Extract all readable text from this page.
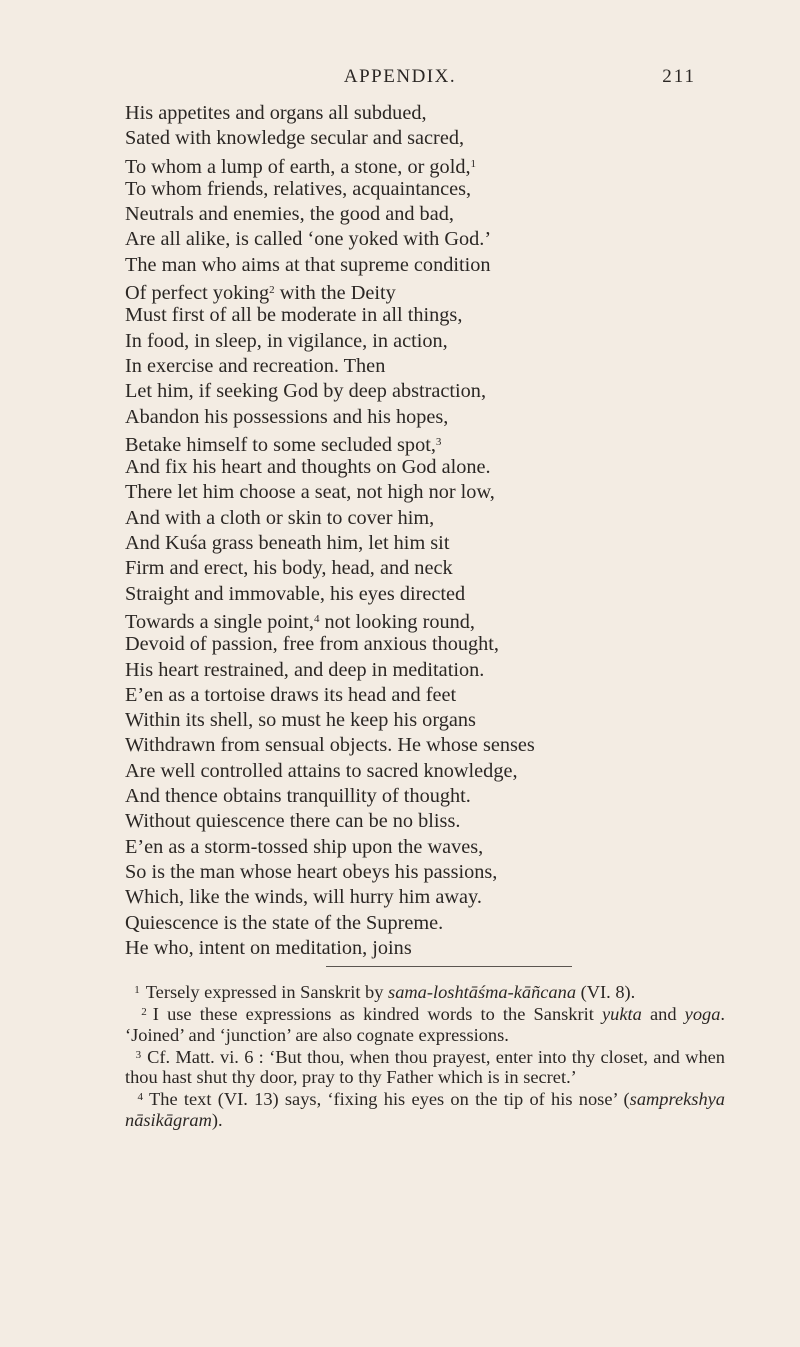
APPENDIX.	211
His appetites and organs all subdued,
Sated with knowledge secular and sacred,
To whom a lump of earth, a stone, or gold,$^1$
To whom friends, relatives, acquaintances,
Neutrals and enemies, the good and bad,
Are all alike, is called ‘one yoked with God.’
The man who aims at that supreme condition
Of perfect yoking$^2$ with the Deity
Must first of all be moderate in all things,
In food, in sleep, in vigilance, in action,
In exercise and recreation. Then
Let him, if seeking God by deep abstraction,
Abandon his possessions and his hopes,
Betake himself to some secluded spot,$^3$
And fix his heart and thoughts on God alone.
There let him choose a seat, not high nor low,
And with a cloth or skin to cover him,
And Kuśa grass beneath him, let him sit
Firm and erect, his body, head, and neck
Straight and immovable, his eyes directed
Towards a single point,$^4$ not looking round,
Devoid of passion, free from anxious thought,
His heart restrained, and deep in meditation.
E’en as a tortoise draws its head and feet
Within its shell, so must he keep his organs
Withdrawn from sensual objects. He whose senses
Are well controlled attains to sacred knowledge,
And thence obtains tranquillity of thought.
Without quiescence there can be no bliss.
E’en as a storm-tossed ship upon the waves,
So is the man whose heart obeys his passions,
Which, like the winds, will hurry him away.
Quiescence is the state of the Supreme.
He who, intent on meditation, joins
$^1$ Tersely expressed in Sanskrit by sama-loshtāśma-kāñcana (VI. 8).
$^2$ I use these expressions as kindred words to the Sanskrit yukta and yoga. ‘Joined’ and ‘junction’ are also cognate expressions.
$^3$ Cf. Matt. vi. 6 : ‘But thou, when thou prayest, enter into thy closet, and when thou hast shut thy door, pray to thy Father which is in secret.’
$^4$ The text (VI. 13) says, ‘fixing his eyes on the tip of his nose’ (samprekshya nāsikāgram).
